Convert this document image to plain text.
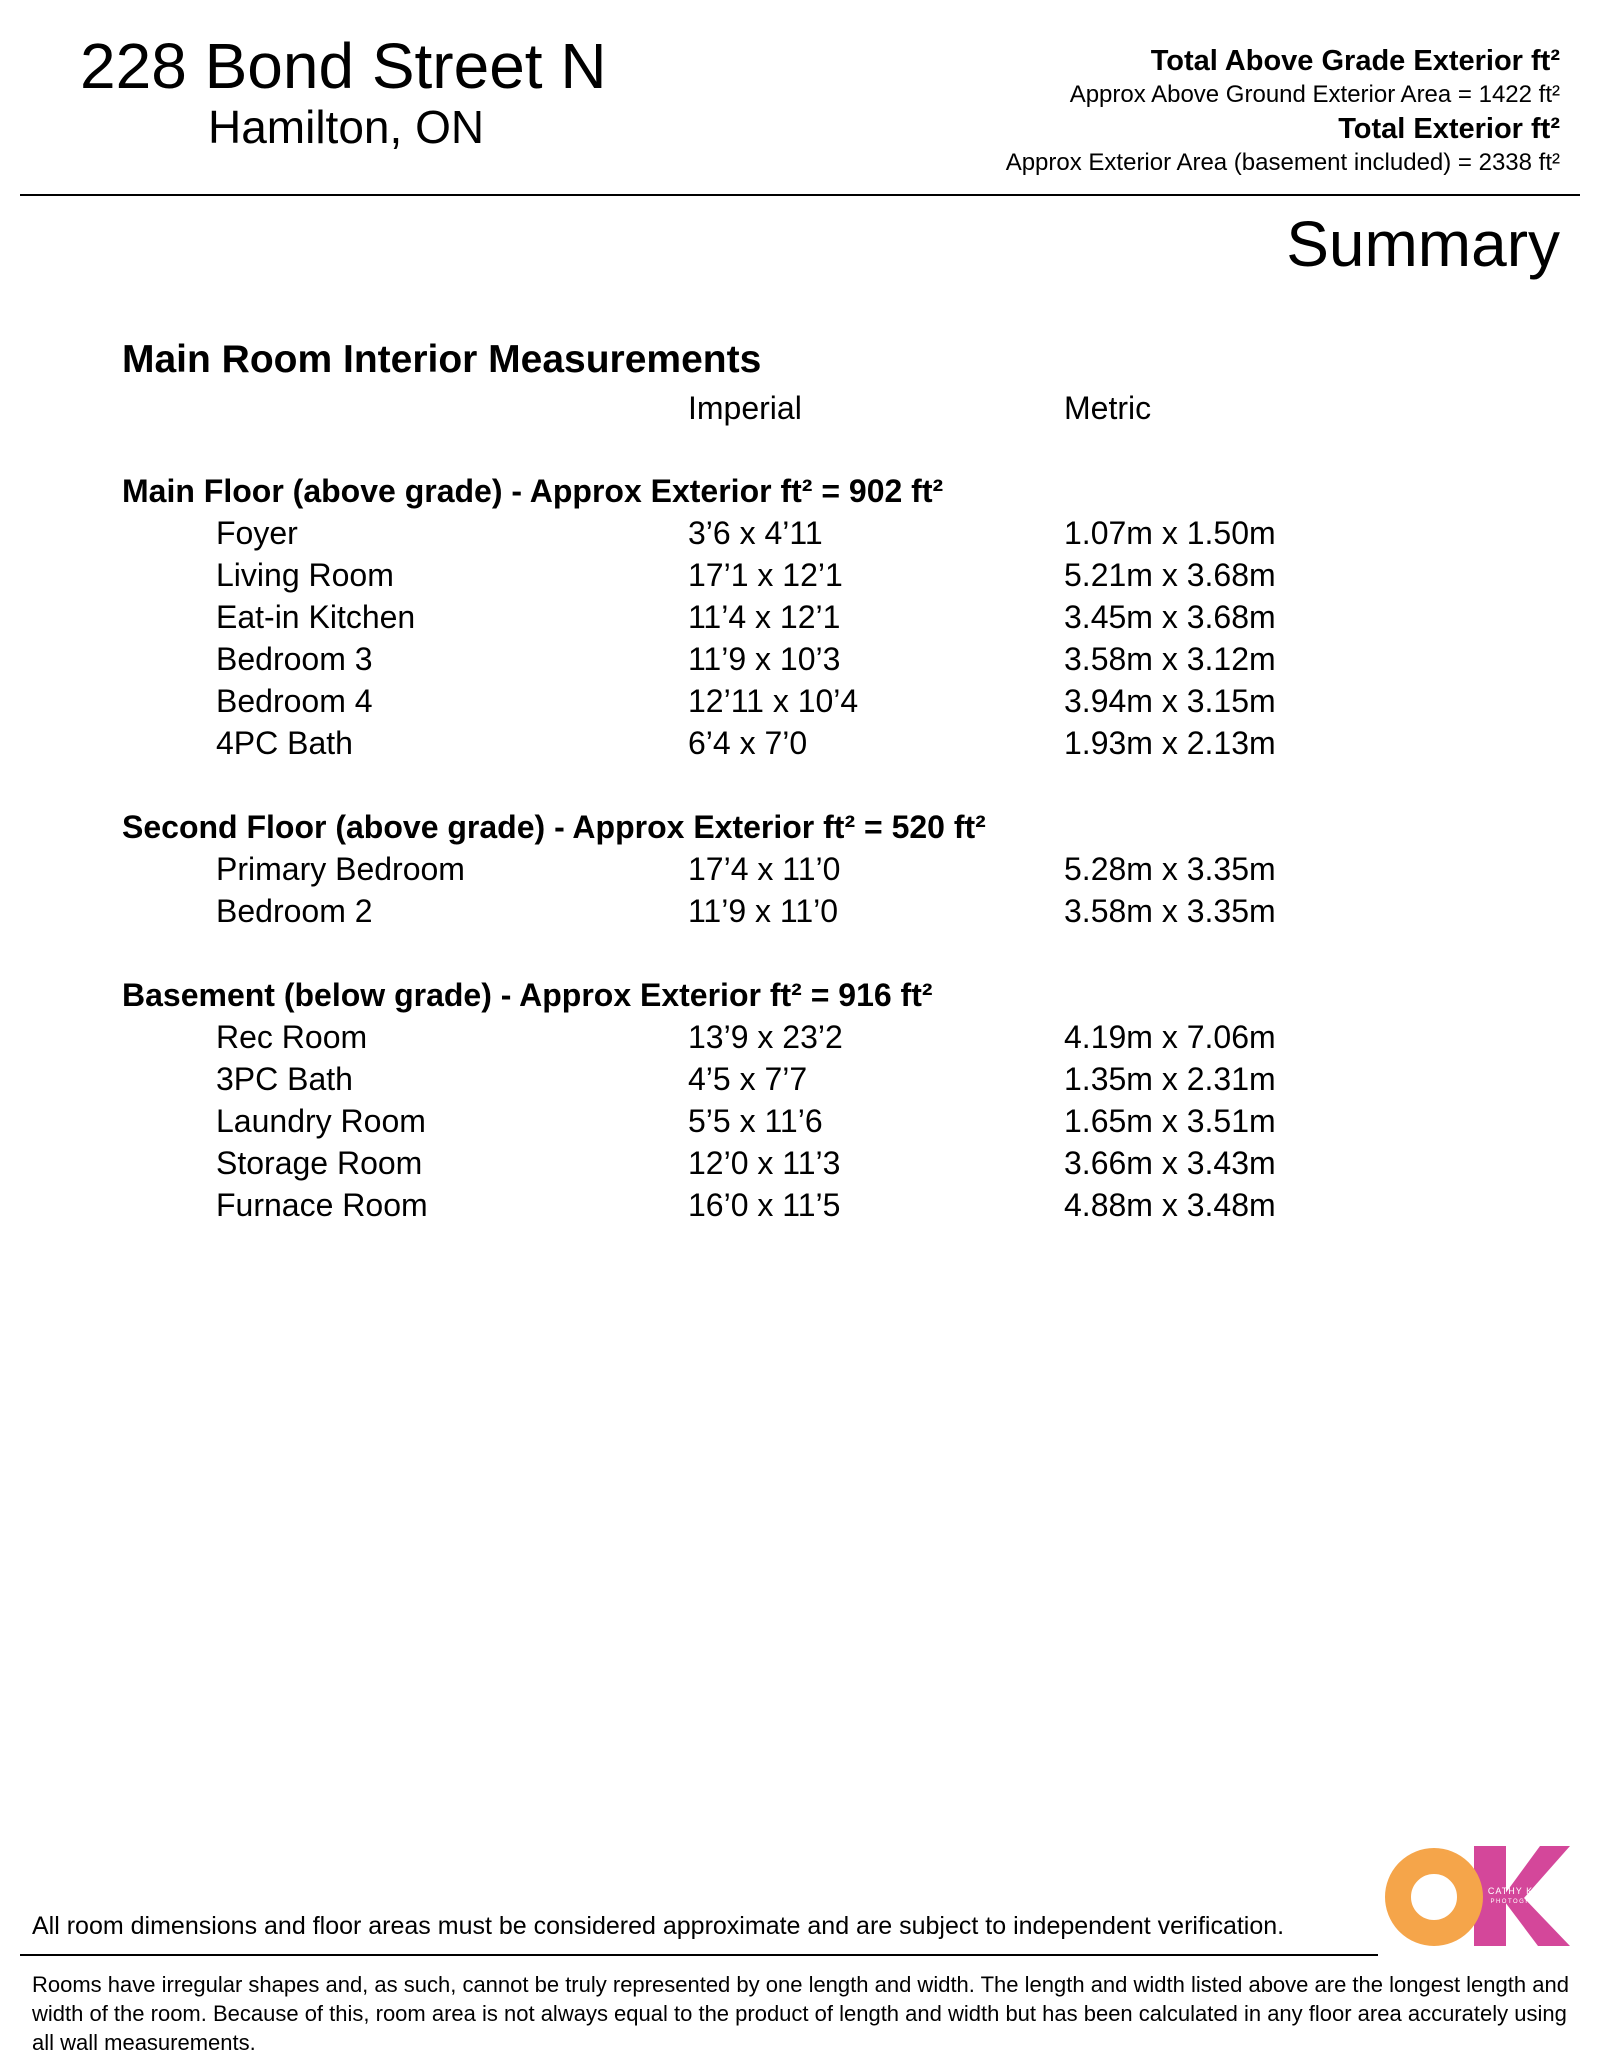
228 Bond Street N
Hamilton, ON
Total Above Grade Exterior ft²
Approx Above Ground Exterior Area = 1422 ft²
Total Exterior ft²
Approx Exterior Area (basement included) = 2338 ft²
Summary
Main Room Interior Measurements
Imperial	Metric
Main Floor (above grade) - Approx Exterior ft² = 902 ft²
Foyer	3’6 x 4’11	1.07m x 1.50m
Living Room	17’1 x 12’1	5.21m x 3.68m
Eat-in Kitchen	11’4 x 12’1	3.45m x 3.68m
Bedroom 3	11’9 x 10’3	3.58m x 3.12m
Bedroom 4	12’11 x 10’4	3.94m x 3.15m
4PC Bath	6’4 x 7’0	1.93m x 2.13m
Second Floor (above grade) - Approx Exterior ft² = 520 ft²
Primary Bedroom	17’4 x 11’0	5.28m x 3.35m
Bedroom 2	11’9 x 11’0	3.58m x 3.35m
Basement (below grade) - Approx Exterior ft² = 916 ft²
Rec Room	13’9 x 23’2	4.19m x 7.06m
3PC Bath	4’5 x 7’7	1.35m x 2.31m
Laundry Room	5’5 x 11’6	1.65m x 3.51m
Storage Room	12’0 x 11’3	3.66m x 3.43m
Furnace Room	16’0 x 11’5	4.88m x 3.48m
CATHY KOOP
PHOTOGRAPHY
All room dimensions and floor areas must be considered approximate and are subject to independent verification.
Rooms have irregular shapes and, as such, cannot be truly represented by one length and width. The length and width listed above are the longest length and width of the room. Because of this, room area is not always equal to the product of length and width but has been calculated in any floor area accurately using all wall measurements.
